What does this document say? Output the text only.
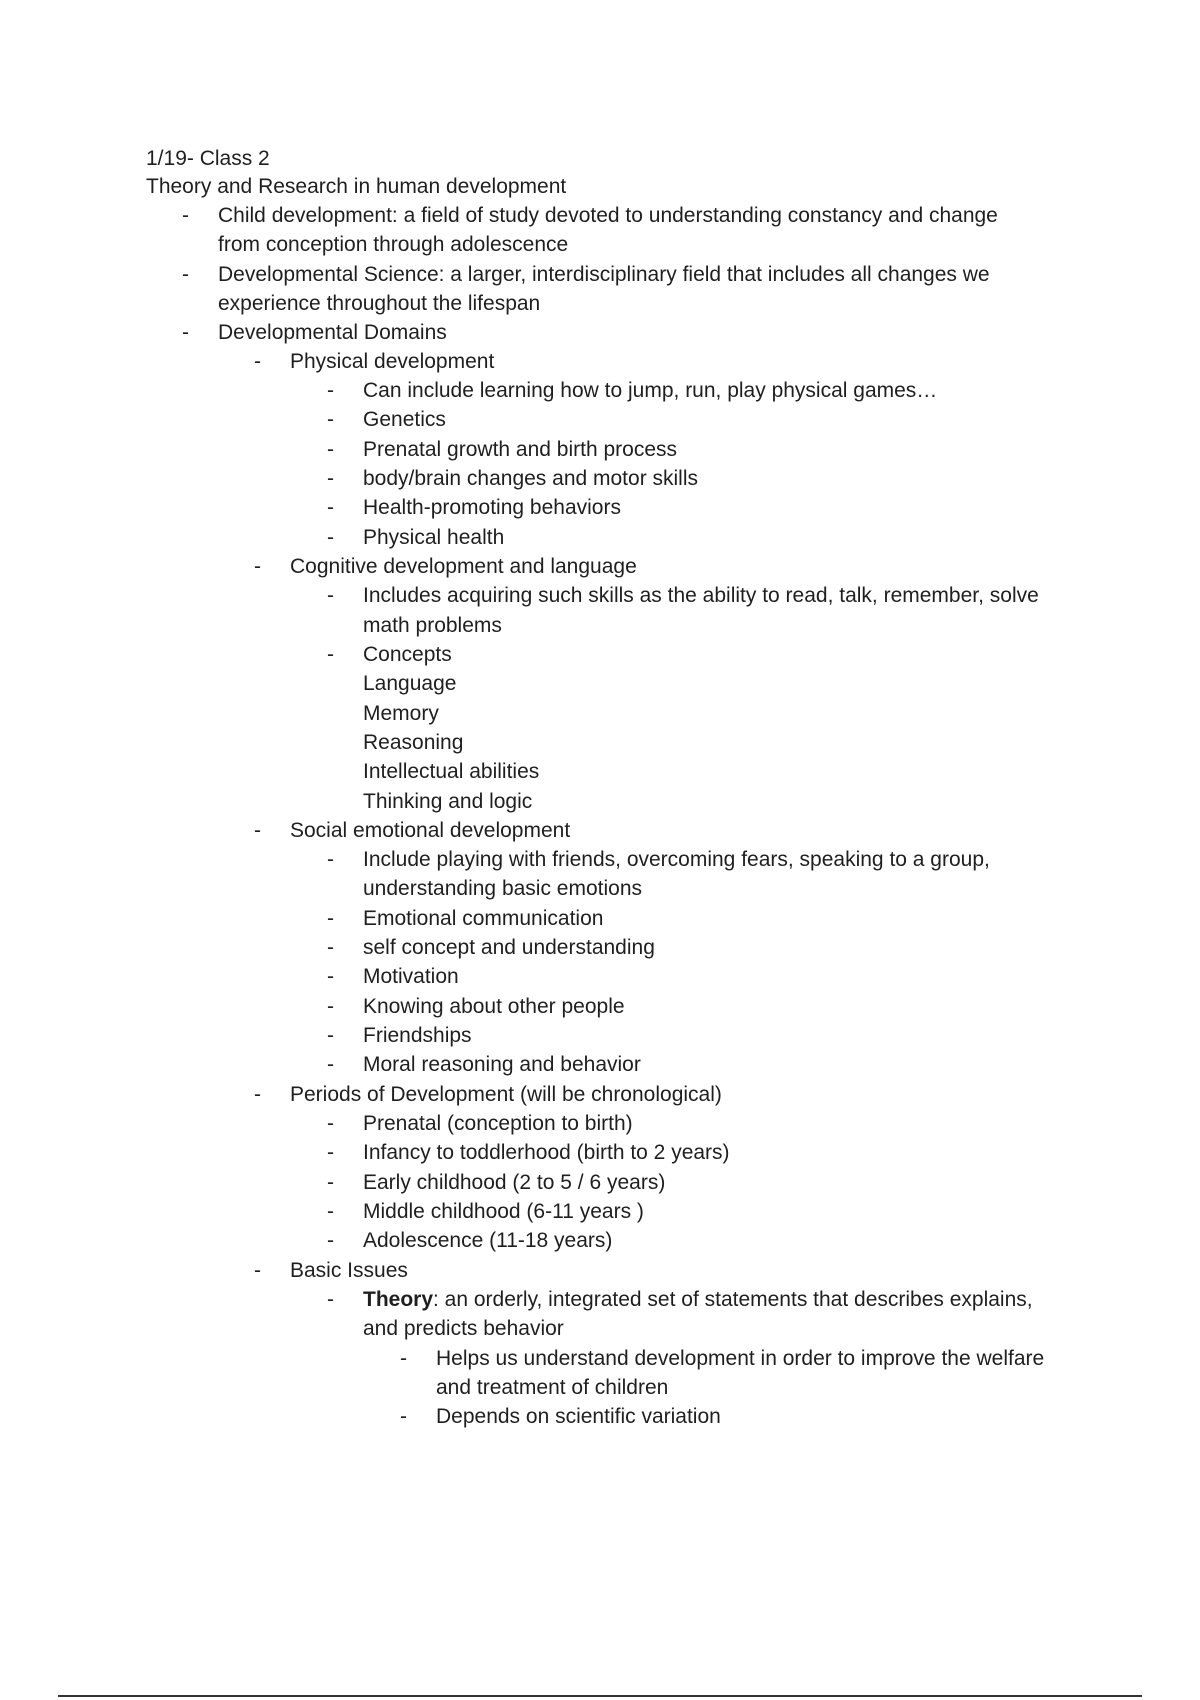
1/19- Class 2
Theory and Research in human development
- Child development: a field of study devoted to understanding constancy and change
from conception through adolescence
- Developmental Science: a larger, interdisciplinary field that includes all changes we
experience throughout the lifespan
- Developmental Domains
- Physical development
- Can include learning how to jump, run, play physical games…
- Genetics
- Prenatal growth and birth process
- body/brain changes and motor skills
- Health-promoting behaviors
- Physical health
- Cognitive development and language
- Includes acquiring such skills as the ability to read, talk, remember, solve
math problems
- Concepts
Language
Memory
Reasoning
Intellectual abilities
Thinking and logic
- Social emotional development
- Include playing with friends, overcoming fears, speaking to a group,
understanding basic emotions
- Emotional communication
- self concept and understanding
- Motivation
- Knowing about other people
- Friendships
- Moral reasoning and behavior
- Periods of Development (will be chronological)
- Prenatal (conception to birth)
- Infancy to toddlerhood (birth to 2 years)
- Early childhood (2 to 5 / 6 years)
- Middle childhood (6-11 years )
- Adolescence (11-18 years)
- Basic Issues
- Theory: an orderly, integrated set of statements that describes explains,
and predicts behavior
- Helps us understand development in order to improve the welfare
and treatment of children
- Depends on scientific variation
